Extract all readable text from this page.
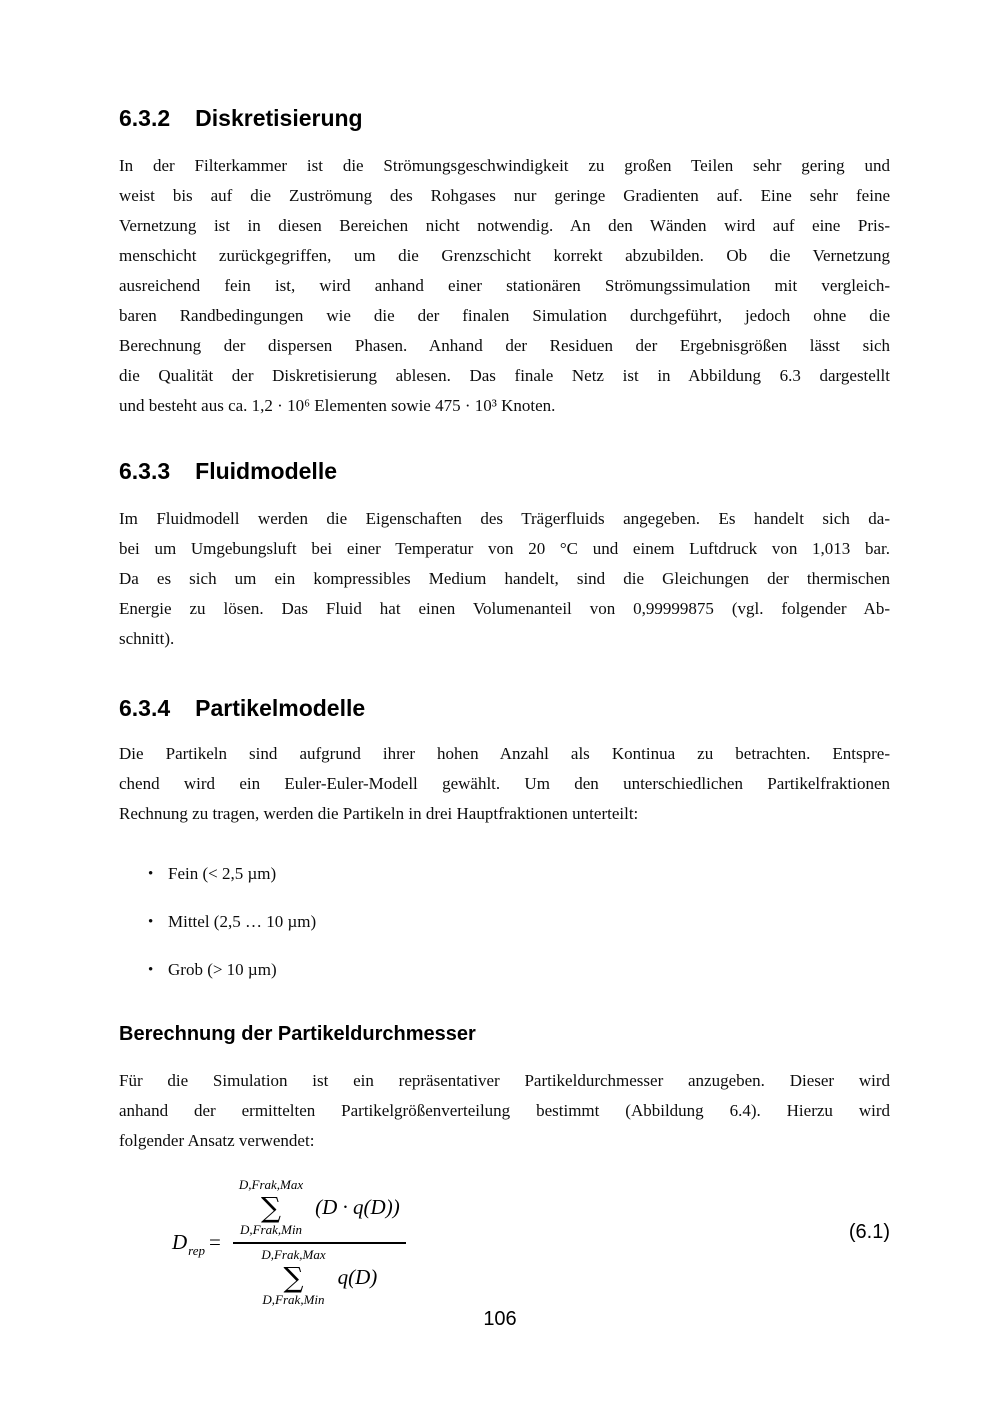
6.3.2 Diskretisierung
In der Filterkammer ist die Strömungsgeschwindigkeit zu großen Teilen sehr gering und
weist bis auf die Zuströmung des Rohgases nur geringe Gradienten auf. Eine sehr feine
Vernetzung ist in diesen Bereichen nicht notwendig. An den Wänden wird auf eine Pris-
menschicht zurückgegriffen, um die Grenzschicht korrekt abzubilden. Ob die Vernetzung
ausreichend fein ist, wird anhand einer stationären Strömungssimulation mit vergleich-
baren Randbedingungen wie die der finalen Simulation durchgeführt, jedoch ohne die
Berechnung der dispersen Phasen. Anhand der Residuen der Ergebnisgrößen lässt sich
die Qualität der Diskretisierung ablesen. Das finale Netz ist in Abbildung 6.3 dargestellt
und besteht aus ca. 1,2 · 10⁶ Elementen sowie 475 · 10³ Knoten.
6.3.3 Fluidmodelle
Im Fluidmodell werden die Eigenschaften des Trägerfluids angegeben. Es handelt sich da-
bei um Umgebungsluft bei einer Temperatur von 20 °C und einem Luftdruck von 1,013 bar.
Da es sich um ein kompressibles Medium handelt, sind die Gleichungen der thermischen
Energie zu lösen. Das Fluid hat einen Volumenanteil von 0,99999875 (vgl. folgender Ab-
schnitt).
6.3.4 Partikelmodelle
Die Partikeln sind aufgrund ihrer hohen Anzahl als Kontinua zu betrachten. Entspre-
chend wird ein Euler-Euler-Modell gewählt. Um den unterschiedlichen Partikelfraktionen
Rechnung zu tragen, werden die Partikeln in drei Hauptfraktionen unterteilt:
• Fein (< 2,5 µm)
• Mittel (2,5 … 10 µm)
• Grob (> 10 µm)
Berechnung der Partikeldurchmesser
Für die Simulation ist ein repräsentativer Partikeldurchmesser anzugeben. Dieser wird
anhand der ermittelten Partikelgrößenverteilung bestimmt (Abbildung 6.4). Hierzu wird
folgender Ansatz verwendet:
$D_{rep}$ =
D,Frak,Max
∑
D,Frak,Min
(D · q(D))
D,Frak,Max
∑
D,Frak,Min
q(D)
(6.1)
106
